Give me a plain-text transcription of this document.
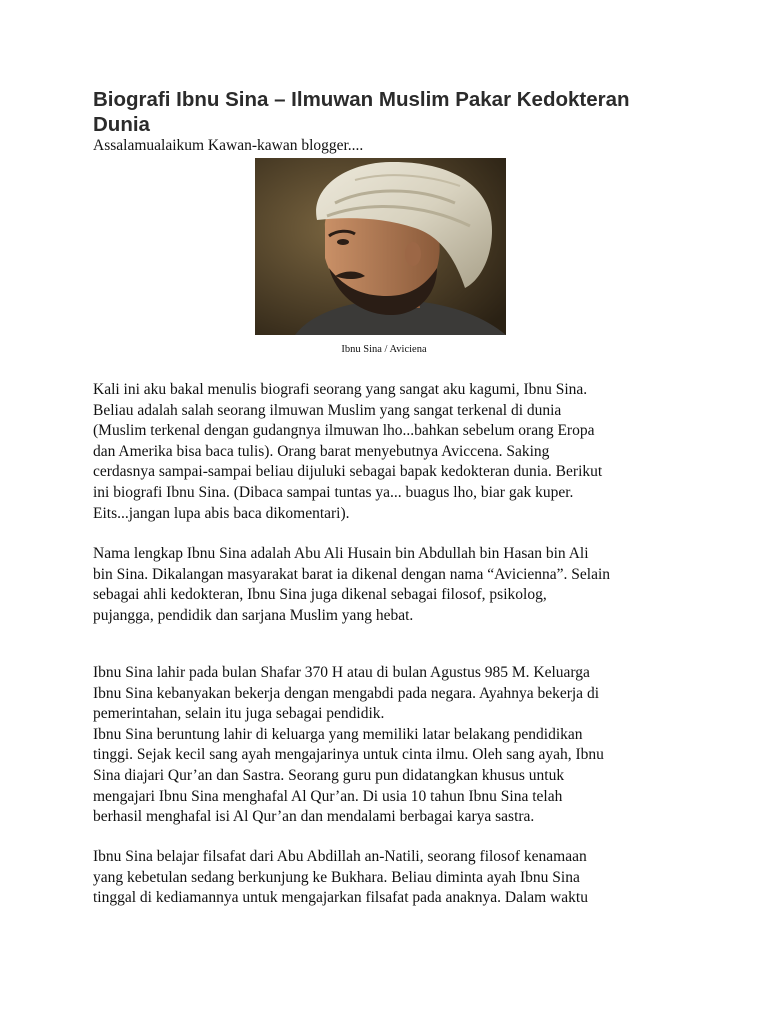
Biografi Ibnu Sina – Ilmuwan Muslim Pakar Kedokteran
Dunia

Assalamualaikum Kawan-kawan blogger....

Ibnu Sina / Aviciena

Kali ini aku bakal menulis biografi seorang yang sangat aku kagumi, Ibnu Sina.
Beliau adalah salah seorang ilmuwan Muslim yang sangat terkenal di dunia
(Muslim terkenal dengan gudangnya ilmuwan lho...bahkan sebelum orang Eropa
dan Amerika bisa baca tulis). Orang barat menyebutnya Aviccena. Saking
cerdasnya sampai-sampai beliau dijuluki sebagai bapak kedokteran dunia. Berikut
ini biografi Ibnu Sina. (Dibaca sampai tuntas ya... buagus lho, biar gak kuper.
Eits...jangan lupa abis baca dikomentari).

Nama lengkap Ibnu Sina adalah Abu Ali Husain bin Abdullah bin Hasan bin Ali
bin Sina. Dikalangan masyarakat barat ia dikenal dengan nama “Avicienna”. Selain
sebagai ahli kedokteran, Ibnu Sina juga dikenal sebagai filosof, psikolog,
pujangga, pendidik dan sarjana Muslim yang hebat.

Ibnu Sina lahir pada bulan Shafar 370 H atau di bulan Agustus 985 M. Keluarga
Ibnu Sina kebanyakan bekerja dengan mengabdi pada negara. Ayahnya bekerja di
pemerintahan, selain itu juga sebagai pendidik.
Ibnu Sina beruntung lahir di keluarga yang memiliki latar belakang pendidikan
tinggi. Sejak kecil sang ayah mengajarinya untuk cinta ilmu. Oleh sang ayah, Ibnu
Sina diajari Qur’an dan Sastra. Seorang guru pun didatangkan khusus untuk
mengajari Ibnu Sina menghafal Al Qur’an. Di usia 10 tahun Ibnu Sina telah
berhasil menghafal isi Al Qur’an dan mendalami berbagai karya sastra.

Ibnu Sina belajar filsafat dari Abu Abdillah an-Natili, seorang filosof kenamaan
yang kebetulan sedang berkunjung ke Bukhara. Beliau diminta ayah Ibnu Sina
tinggal di kediamannya untuk mengajarkan filsafat pada anaknya. Dalam waktu
